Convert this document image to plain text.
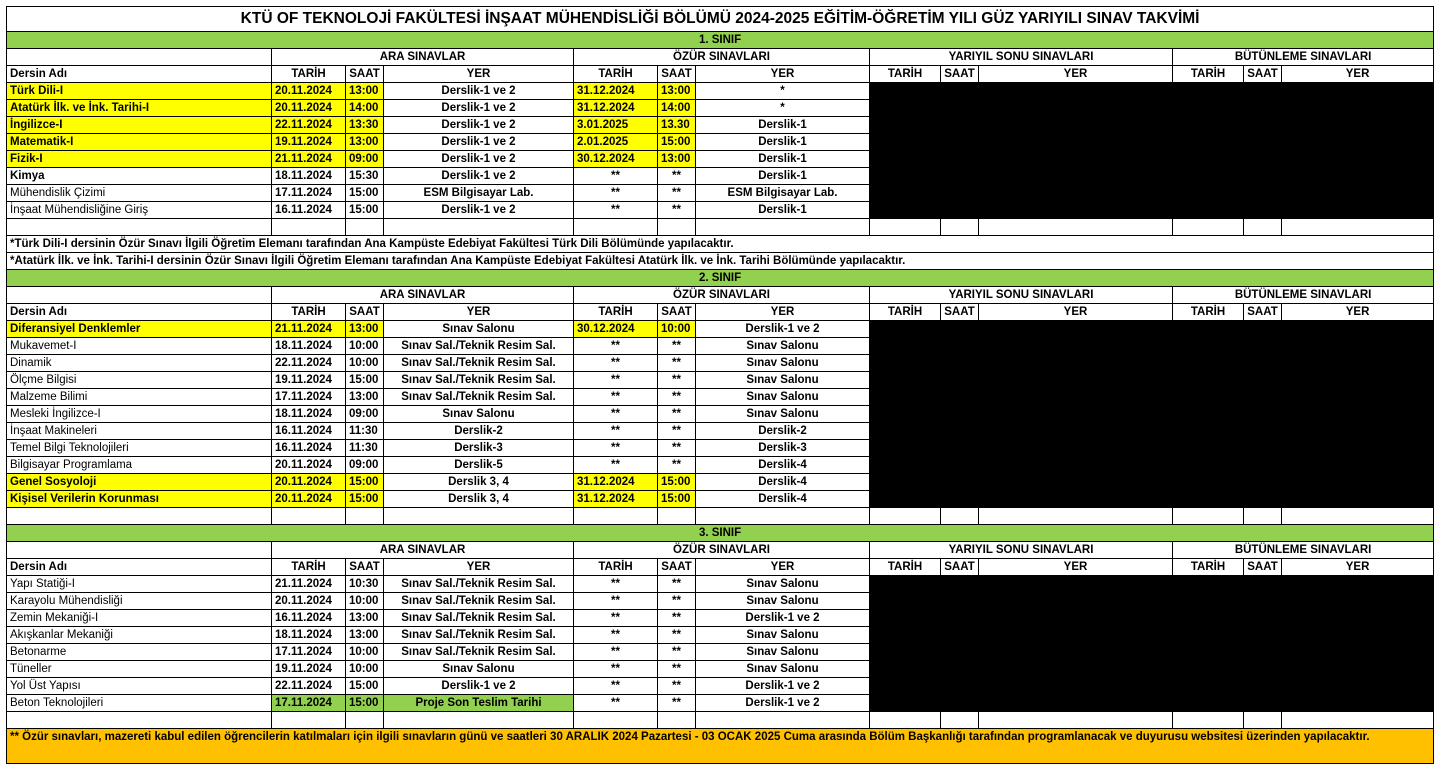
KTÜ OF TEKNOLOJİ FAKÜLTESİ İNŞAAT MÜHENDİSLİĞİ BÖLÜMÜ 2024-2025 EĞİTİM-ÖĞRETİM YILI GÜZ YARIYILI SINAV TAKVİMİ												
1. SINIF												
	ARA SINAVLAR			ÖZÜR SINAVLARI			YARIYIL SONU SINAVLARI			BÜTÜNLEME SINAVLARI		
Dersin Adı	TARİH	SAAT	YER	TARİH	SAAT	YER	TARİH	SAAT	YER	TARİH	SAAT	YER
Türk Dili-I	20.11.2024	13:00	Derslik-1 ve 2	31.12.2024	13:00	*						
Atatürk İlk. ve İnk. Tarihi-I	20.11.2024	14:00	Derslik-1 ve 2	31.12.2024	14:00	*						
İngilizce-I	22.11.2024	13:30	Derslik-1 ve 2	3.01.2025	13.30	Derslik-1						
Matematik-I	19.11.2024	13:00	Derslik-1 ve 2	2.01.2025	15:00	Derslik-1						
Fizik-I	21.11.2024	09:00	Derslik-1 ve 2	30.12.2024	13:00	Derslik-1						
Kimya	18.11.2024	15:30	Derslik-1 ve 2	**	**	Derslik-1						
Mühendislik Çizimi	17.11.2024	15:00	ESM Bilgisayar Lab.	**	**	ESM Bilgisayar Lab.						
İnşaat Mühendisliğine Giriş	16.11.2024	15:00	Derslik-1 ve 2	**	**	Derslik-1						

*Türk Dili-I dersinin Özür Sınavı İlgili Öğretim Elemanı tarafından Ana Kampüste Edebiyat Fakültesi Türk Dili Bölümünde yapılacaktır.												
*Atatürk İlk. ve İnk. Tarihi-I dersinin Özür Sınavı İlgili Öğretim Elemanı tarafından Ana Kampüste Edebiyat Fakültesi Atatürk İlk. ve İnk. Tarihi Bölümünde yapılacaktır.												
2. SINIF												
	ARA SINAVLAR			ÖZÜR SINAVLARI			YARIYIL SONU SINAVLARI			BÜTÜNLEME SINAVLARI		
Dersin Adı	TARİH	SAAT	YER	TARİH	SAAT	YER	TARİH	SAAT	YER	TARİH	SAAT	YER
Diferansiyel Denklemler	21.11.2024	13:00	Sınav Salonu	30.12.2024	10:00	Derslik-1 ve 2						
Mukavemet-I	18.11.2024	10:00	Sınav Sal./Teknik Resim Sal.	**	**	Sınav Salonu						
Dinamik	22.11.2024	10:00	Sınav Sal./Teknik Resim Sal.	**	**	Sınav Salonu						
Ölçme Bilgisi	19.11.2024	15:00	Sınav Sal./Teknik Resim Sal.	**	**	Sınav Salonu						
Malzeme Bilimi	17.11.2024	13:00	Sınav Sal./Teknik Resim Sal.	**	**	Sınav Salonu						
Mesleki İngilizce-I	18.11.2024	09:00	Sınav Salonu	**	**	Sınav Salonu						
İnşaat Makineleri	16.11.2024	11:30	Derslik-2	**	**	Derslik-2						
Temel Bilgi Teknolojileri	16.11.2024	11:30	Derslik-3	**	**	Derslik-3						
Bilgisayar Programlama	20.11.2024	09:00	Derslik-5	**	**	Derslik-4						
Genel Sosyoloji	20.11.2024	15:00	Derslik 3, 4	31.12.2024	15:00	Derslik-4						
Kişisel Verilerin Korunması	20.11.2024	15:00	Derslik 3, 4	31.12.2024	15:00	Derslik-4						

3. SINIF												
	ARA SINAVLAR			ÖZÜR SINAVLARI			YARIYIL SONU SINAVLARI			BÜTÜNLEME SINAVLARI		
Dersin Adı	TARİH	SAAT	YER	TARİH	SAAT	YER	TARİH	SAAT	YER	TARİH	SAAT	YER
Yapı Statiği-I	21.11.2024	10:30	Sınav Sal./Teknik Resim Sal.	**	**	Sınav Salonu						
Karayolu Mühendisliği	20.11.2024	10:00	Sınav Sal./Teknik Resim Sal.	**	**	Sınav Salonu						
Zemin Mekaniği-I	16.11.2024	13:00	Sınav Sal./Teknik Resim Sal.	**	**	Derslik-1 ve 2						
Akışkanlar Mekaniği	18.11.2024	13:00	Sınav Sal./Teknik Resim Sal.	**	**	Sınav Salonu						
Betonarme	17.11.2024	10:00	Sınav Sal./Teknik Resim Sal.	**	**	Sınav Salonu						
Tüneller	19.11.2024	10:00	Sınav Salonu	**	**	Sınav Salonu						
Yol Üst Yapısı	22.11.2024	15:00	Derslik-1 ve 2	**	**	Derslik-1 ve 2						
Beton Teknolojileri	17.11.2024	15:00	Proje Son Teslim Tarihi	**	**	Derslik-1 ve 2						

** Özür sınavları, mazereti kabul edilen öğrencilerin katılmaları için ilgili sınavların günü ve saatleri 30 ARALIK 2024 Pazartesi - 03 OCAK 2025 Cuma arasında Bölüm Başkanlığı tarafından programlanacak ve duyurusu websitesi üzerinden yapılacaktır.												
